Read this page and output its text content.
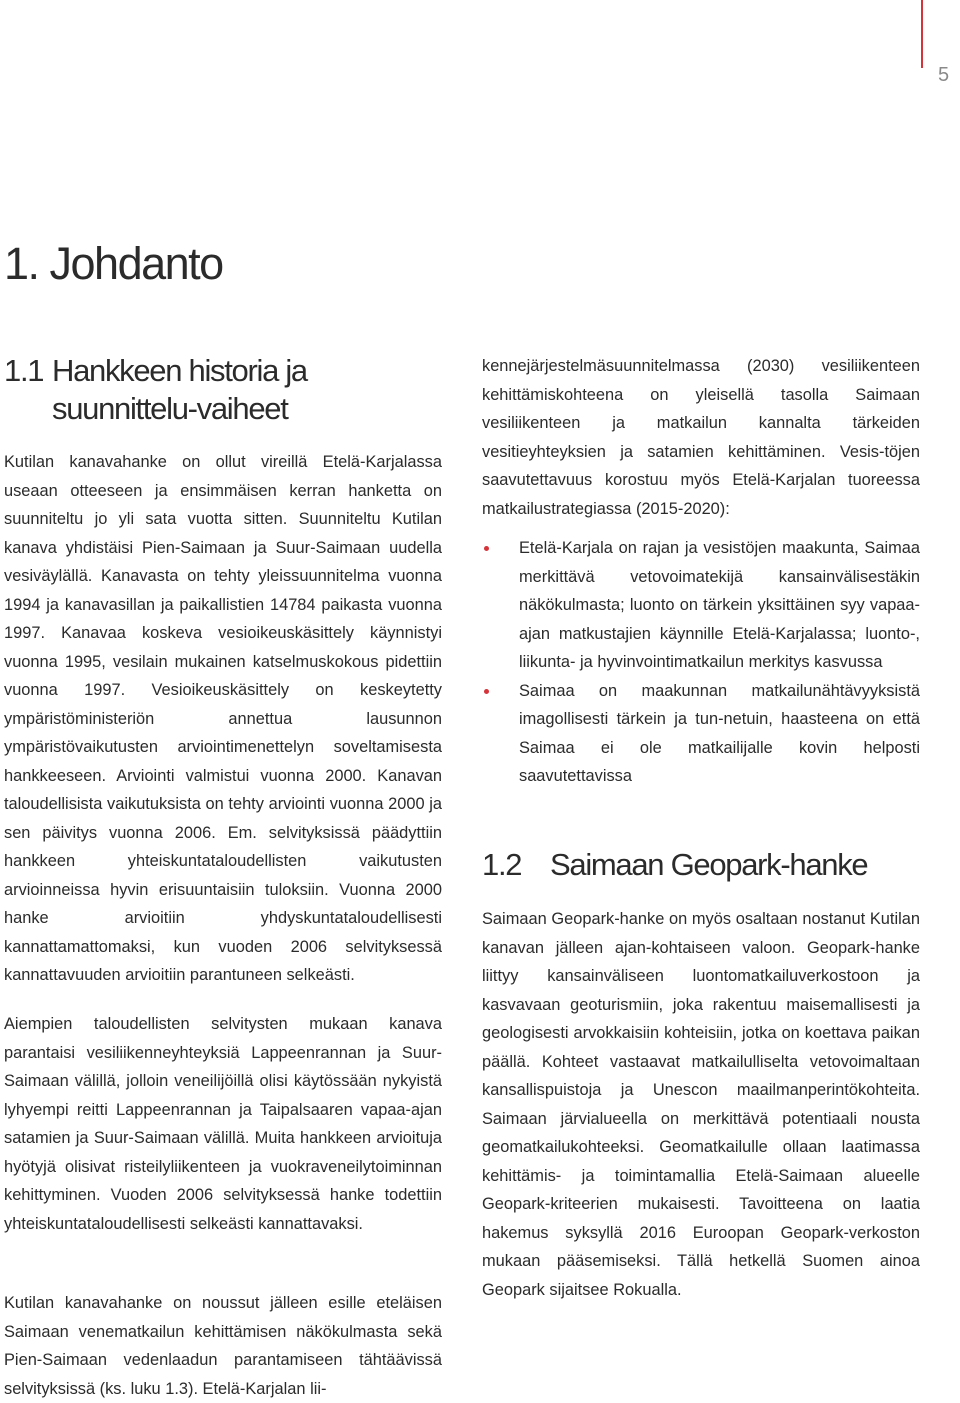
5
1. Johdanto
1.1 Hankkeen historia ja suunnittelu-vaiheet

Kutilan kanavahanke on ollut vireillä Etelä-Karjalassa useaan otteeseen ja ensimmäisen kerran hanketta on suunniteltu jo yli sata vuotta sitten. Suunniteltu Kutilan kanava yhdistäisi Pien-Saimaan ja Suur-Saimaan uudella vesiväylällä. Kanavasta on tehty yleissuunnitelma vuonna 1994 ja kanavasillan ja paikallistien 14784 paikasta vuonna 1997. Kanavaa koskeva vesioikeuskäsittely käynnistyi vuonna 1995, vesilain mukainen katselmuskokous pidettiin vuonna 1997. Vesioikeuskäsittely on keskeytetty ympäristöministeriön annettua lausunnon ympäristövaikutusten arviointimenettelyn soveltamisesta hankkeeseen. Arviointi valmistui vuonna 2000. Kanavan taloudellisista vaikutuksista on tehty arviointi vuonna 2000 ja sen päivitys vuonna 2006. Em. selvityksissä päädyttiin hankkeen yhteiskuntataloudellisten vaikutusten arvioinneissa hyvin erisuuntaisiin tuloksiin. Vuonna 2000 hanke arvioitiin yhdyskuntataloudellisesti kannattamattomaksi, kun vuoden 2006 selvityksessä kannattavuuden arvioitiin parantuneen selkeästi.

Aiempien taloudellisten selvitysten mukaan kanava parantaisi vesiliikenneyhteyksiä Lappeenrannan ja Suur-Saimaan välillä, jolloin veneilijöillä olisi käytössään nykyistä lyhyempi reitti Lappeenrannan ja Taipalsaaren vapaa-ajan satamien ja Suur-Saimaan välillä. Muita hankkeen arvioituja hyötyjä olisivat risteilyliikenteen ja vuokraveneilytoiminnan kehittyminen. Vuoden 2006 selvityksessä hanke todettiin yhteiskuntataloudellisesti selkeästi kannattavaksi.

Kutilan kanavahanke on noussut jälleen esille eteläisen Saimaan venematkailun kehittämisen näkökulmasta sekä Pien-Saimaan vedenlaadun parantamiseen tähtäävissä selvityksissä (ks. luku 1.3). Etelä-Karjalan lii-

Etelä-Karjala on rajan ja vesistöjen maakunta, Saimaa merkittävä vetovoimatekijä kansainvälisestäkin näkökulmasta; luonto on tärkein yksittäinen syy vapaa-ajan matkustajien käynnille Etelä-Karjalassa; luonto-, liikunta- ja hyvinvointimatkailun merkitys kasvussa
Saimaa on maakunnan matkailunähtävyyksistä imagollisesti tärkein ja tun-netuin, haasteena on että Saimaa ei ole matkailijalle kovin helposti saavutettavissa
1.2 Saimaan Geopark-hanke

Saimaan Geopark-hanke on myös osaltaan nostanut Kutilan kanavan jälleen ajan-kohtaiseen valoon. Geopark-hanke liittyy kansainväliseen luontomatkailuverkostoon ja kasvavaan geoturismiin, joka rakentuu maisemallisesti ja geologisesti arvokkaisiin kohteisiin, jotka on koettava paikan päällä. Kohteet vastaavat matkailulliselta vetovoimaltaan kansallispuistoja ja Unescon maailmanperintökohteita. Saimaan järvialueella on merkittävä potentiaali nousta geomatkailukohteeksi. Geomatkailulle ollaan laatimassa kehittämis- ja toimintamallia Etelä-Saimaan alueelle Geopark-kriteerien mukaisesti. Tavoitteena on laatia hakemus syksyllä 2016 Euroopan Geopark-verkoston mukaan pääsemiseksi. Tällä hetkellä Suomen ainoa Geopark sijaitsee Rokualla.

kennejärjestelmäsuunnitelmassa (2030) vesiliikenteen kehittämiskohteena on yleisellä tasolla Saimaan vesiliikenteen ja matkailun kannalta tärkeiden vesitieyhteyksien ja satamien kehittäminen. Vesis-töjen saavutettavuus korostuu myös Etelä-Karjalan tuoreessa matkailustrategiassa (2015-2020):
